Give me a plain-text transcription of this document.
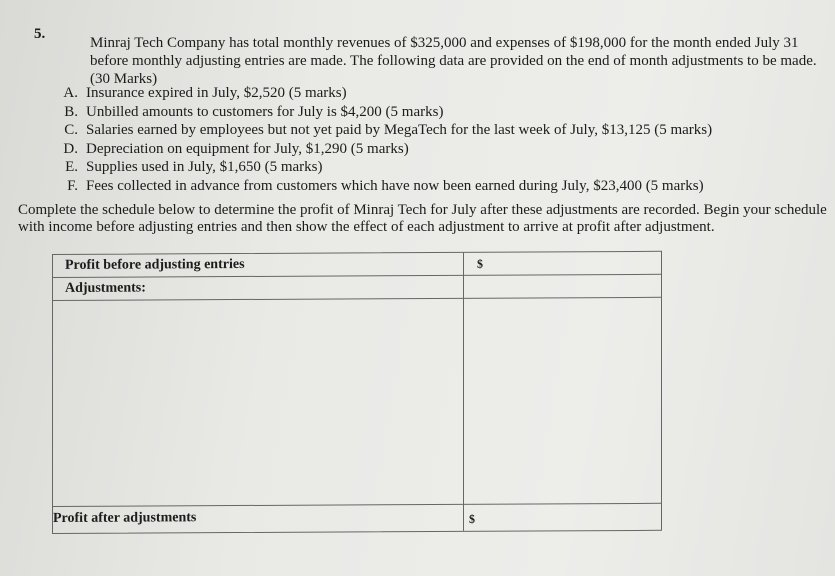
5.
Minraj Tech Company has total monthly revenues of $325,000 and expenses of $198,000 for the month ended July 31 before monthly adjusting entries are made. The following data are provided on the end of month adjustments to be made. (30 Marks)
A. Insurance expired in July, $2,520 (5 marks)
B. Unbilled amounts to customers for July is $4,200 (5 marks)
C. Salaries earned by employees but not yet paid by MegaTech for the last week of July, $13,125 (5 marks)
D. Depreciation on equipment for July, $1,290 (5 marks)
E. Supplies used in July, $1,650 (5 marks)
F. Fees collected in advance from customers which have now been earned during July, $23,400 (5 marks)
Complete the schedule below to determine the profit of Minraj Tech for July after these adjustments are recorded. Begin your schedule with income before adjusting entries and then show the effect of each adjustment to arrive at profit after adjustment.
Profit before adjusting entries	$
Adjustments:
Profit after adjustments	$
